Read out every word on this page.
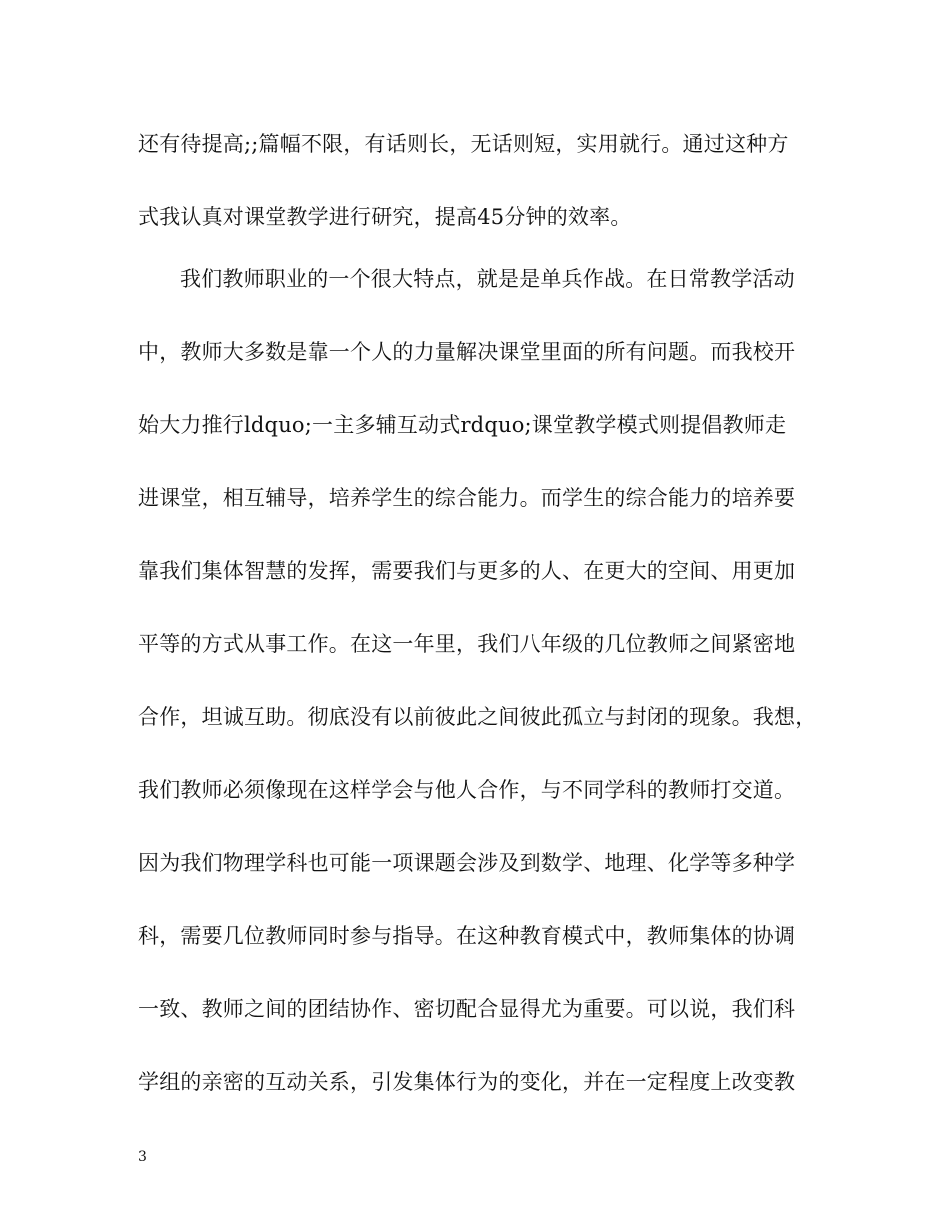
还有待提高;;篇幅不限，有话则长，无话则短，实用就行。通过这种方
式我认真对课堂教学进行研究，提高45分钟的效率。
我们教师职业的一个很大特点，就是是单兵作战。在日常教学活动
中，教师大多数是靠一个人的力量解决课堂里面的所有问题。而我校开
始大力推行ldquo;一主多辅互动式rdquo;课堂教学模式则提倡教师走
进课堂，相互辅导，培养学生的综合能力。而学生的综合能力的培养要
靠我们集体智慧的发挥，需要我们与更多的人、在更大的空间、用更加
平等的方式从事工作。在这一年里，我们八年级的几位教师之间紧密地
合作，坦诚互助。彻底没有以前彼此之间彼此孤立与封闭的现象。我想，
我们教师必须像现在这样学会与他人合作，与不同学科的教师打交道。
因为我们物理学科也可能一项课题会涉及到数学、地理、化学等多种学
科，需要几位教师同时参与指导。在这种教育模式中，教师集体的协调
一致、教师之间的团结协作、密切配合显得尤为重要。可以说，我们科
学组的亲密的互动关系，引发集体行为的变化，并在一定程度上改变教
3
